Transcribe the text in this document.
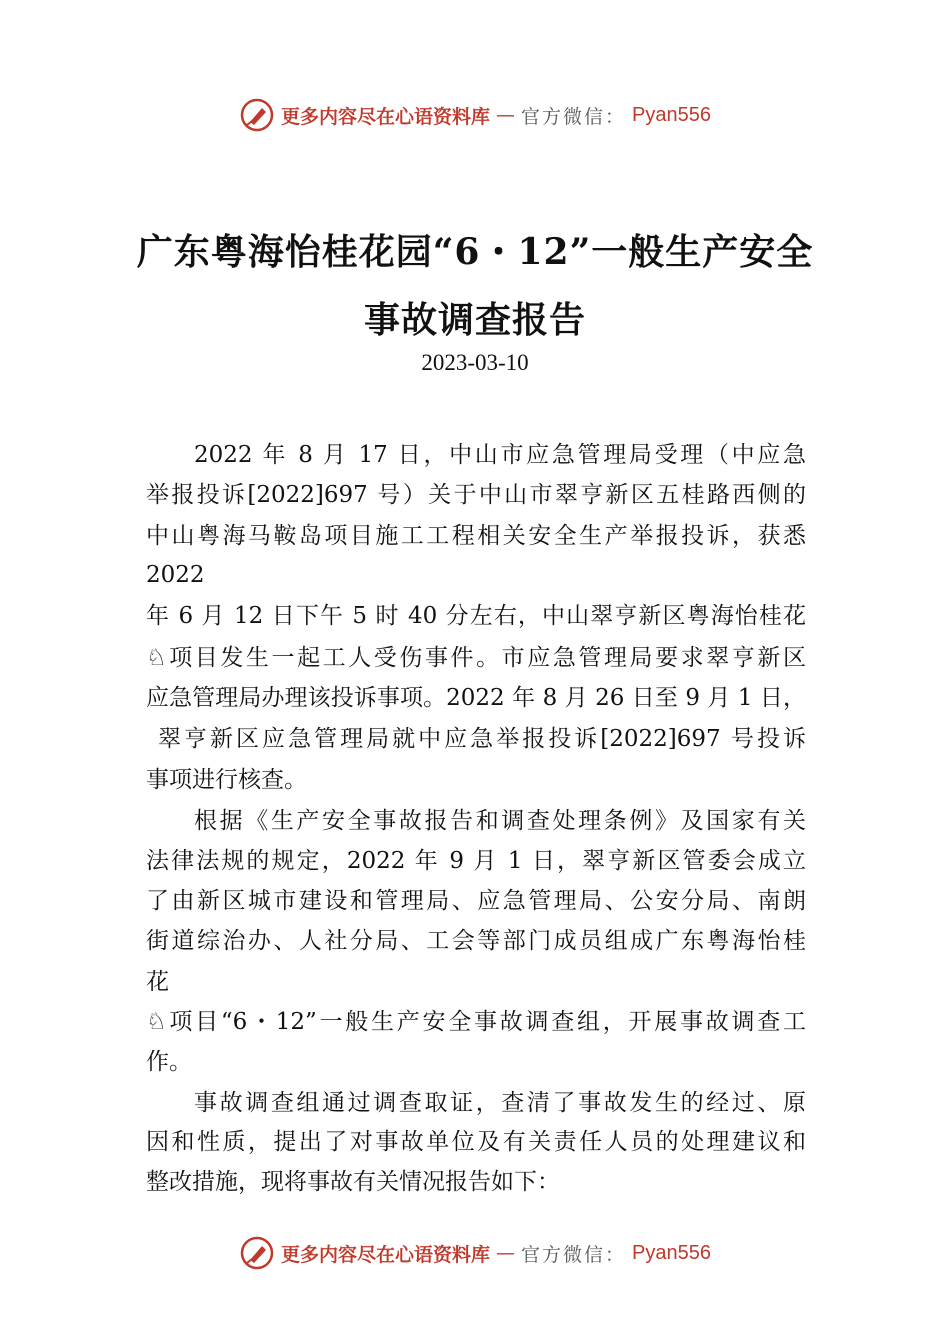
更多内容尽在心语资料库 — 官方微信： Pyan556
广东粤海怡桂花园“6・12”一般生产安全
事故调查报告
2023-03-10
2022 年 8 月 17 日，中山市应急管理局受理（中应急
举报投诉[2022]697 号）关于中山市翠亨新区五桂路西侧的
中山粤海马鞍岛项目施工工程相关安全生产举报投诉，获悉
2022
年 6 月 12 日下午 5 时 40 分左右，中山翠亨新区粤海怡桂花
♘项目发生一起工人受伤事件。市应急管理局要求翠亨新区
应急管理局办理该投诉事项。2022 年 8 月 26 日至 9 月 1 日，
翠亨新区应急管理局就中应急举报投诉[2022]697 号投诉
事项进行核查。
根据《生产安全事故报告和调查处理条例》及国家有关
法律法规的规定，2022 年 9 月 1 日，翠亨新区管委会成立
了由新区城市建设和管理局、应急管理局、公安分局、南朗
街道综治办、人社分局、工会等部门成员组成广东粤海怡桂
花
♘项目“6・12”一般生产安全事故调查组，开展事故调查工
作。
事故调查组通过调查取证，查清了事故发生的经过、原
因和性质，提出了对事故单位及有关责任人员的处理建议和
整改措施，现将事故有关情况报告如下：
更多内容尽在心语资料库 — 官方微信： Pyan556
